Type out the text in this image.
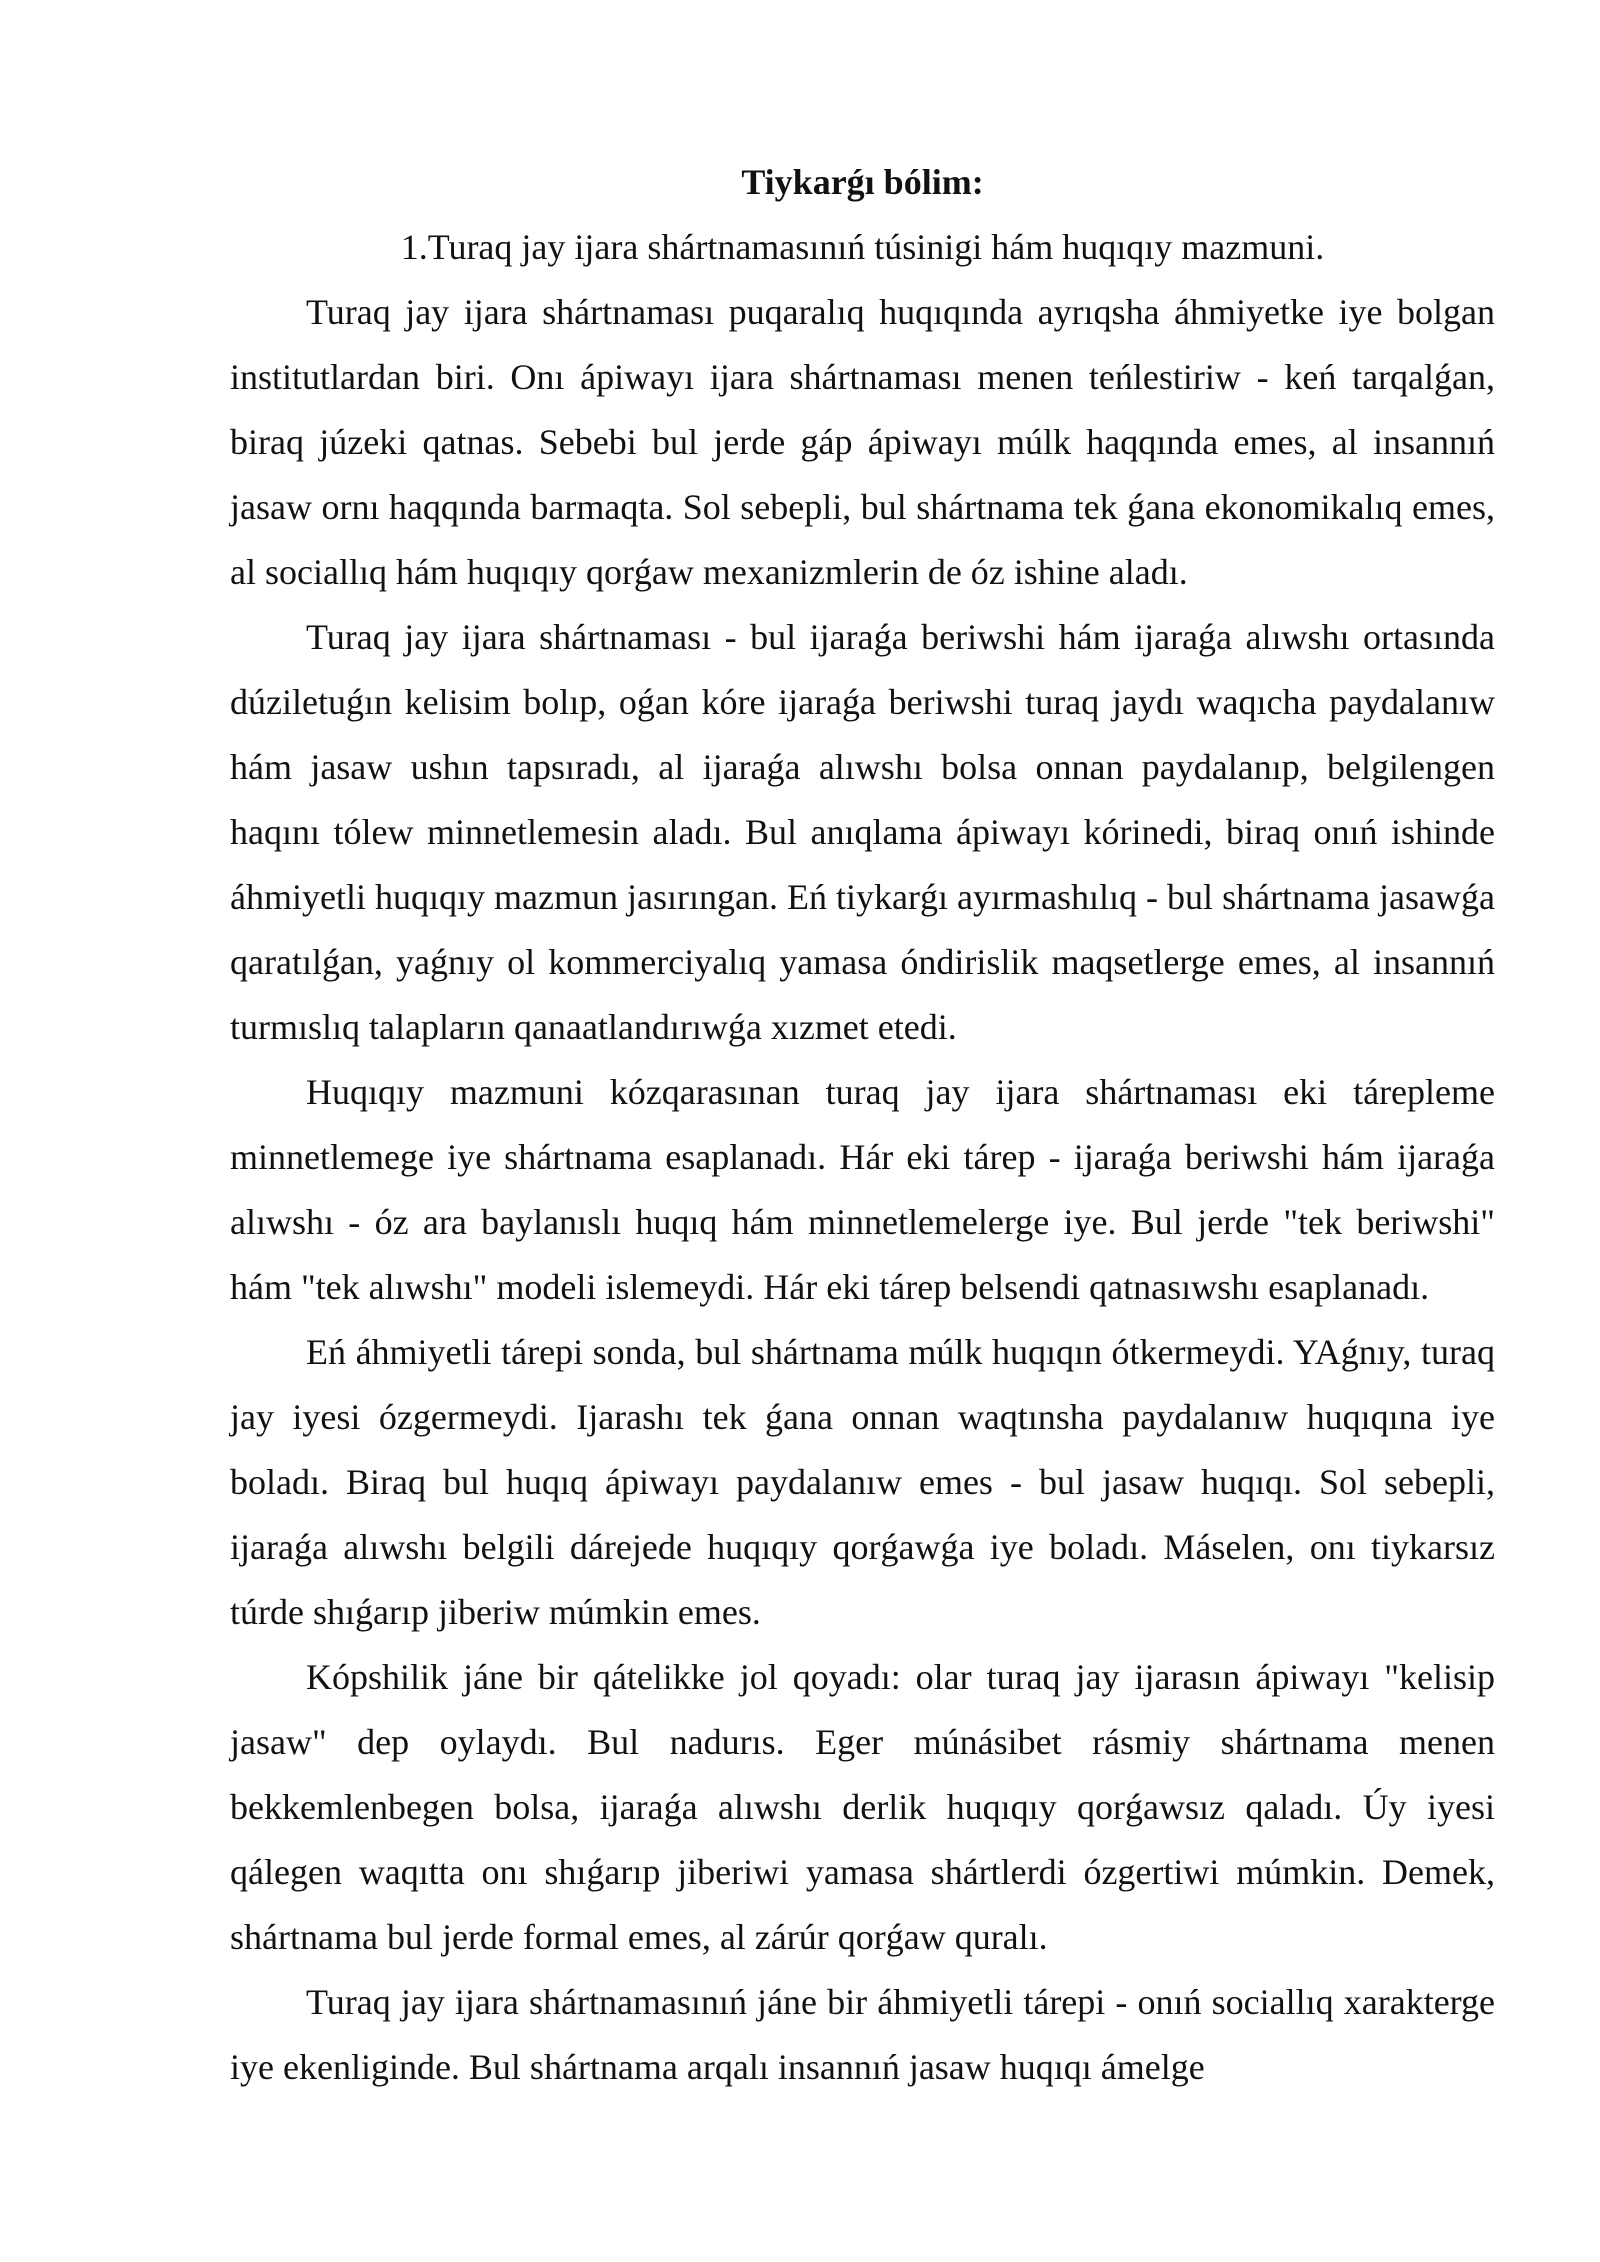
Tiykarǵı bólim:

1.Turaq jay ijara shártnamasınıń túsinigi hám huqıqıy mazmuni.

Turaq jay ijara shártnaması puqaralıq huqıqında ayrıqsha áhmiyetke iye bolgan institutlardan biri. Onı ápiwayı ijara shártnaması menen teńlestiriw - keń tarqalǵan, biraq júzeki qatnas. Sebebi bul jerde gáp ápiwayı múlk haqqında emes, al insannıń jasaw ornı haqqında barmaqta. Sol sebepli, bul shártnama tek ǵana ekonomikalıq emes, al sociallıq hám huqıqıy qorǵaw mexanizmlerin de óz ishine aladı.

Turaq jay ijara shártnaması - bul ijaraǵa beriwshi hám ijaraǵa alıwshı ortasında dúziletuǵın kelisim bolıp, oǵan kóre ijaraǵa beriwshi turaq jaydı waqıcha paydalanıw hám jasaw ushın tapsıradı, al ijaraǵa alıwshı bolsa onnan paydalanıp, belgilengen haqını tólew minnetlemesin aladı. Bul anıqlama ápiwayı kórinedi, biraq onıń ishinde áhmiyetli huqıqıy mazmun jasırıngan. Eń tiykarǵı ayırmashılıq - bul shártnama jasawǵa qaratılǵan, yaǵnıy ol kommerciyalıq yamasa óndirislik maqsetlerge emes, al insannıń turmıslıq talapların qanaatlandırıwǵa xızmet etedi.

Huqıqıy mazmuni kózqarasınan turaq jay ijara shártnaması eki tárepleme minnetlemege iye shártnama esaplanadı. Hár eki tárep - ijaraǵa beriwshi hám ijaraǵa alıwshı - óz ara baylanıslı huqıq hám minnetlemelerge iye. Bul jerde "tek beriwshi" hám "tek alıwshı" modeli islemeydi. Hár eki tárep belsendi qatnasıwshı esaplanadı.

Eń áhmiyetli tárepi sonda, bul shártnama múlk huqıqın ótkermeydi. YAǵnıy, turaq jay iyesi ózgermeydi. Ijarashı tek ǵana onnan waqtınsha paydalanıw huqıqına iye boladı. Biraq bul huqıq ápiwayı paydalanıw emes - bul jasaw huqıqı. Sol sebepli, ijaraǵa alıwshı belgili dárejede huqıqıy qorǵawǵa iye boladı. Máselen, onı tiykarsız túrde shıǵarıp jiberiw múmkin emes.

Kópshilik jáne bir qátelikke jol qoyadı: olar turaq jay ijarasın ápiwayı "kelisip jasaw" dep oylaydı. Bul nadurıs. Eger múnásibet rásmiy shártnama menen bekkemlenbegen bolsa, ijaraǵa alıwshı derlik huqıqıy qorǵawsız qaladı. Úy iyesi qálegen waqıtta onı shıǵarıp jiberiwi yamasa shártlerdi ózgertiwi múmkin. Demek, shártnama bul jerde formal emes, al zárúr qorǵaw quralı.

Turaq jay ijara shártnamasınıń jáne bir áhmiyetli tárepi - onıń sociallıq xarakterge iye ekenliginde. Bul shártnama arqalı insannıń jasaw huqıqı ámelge
